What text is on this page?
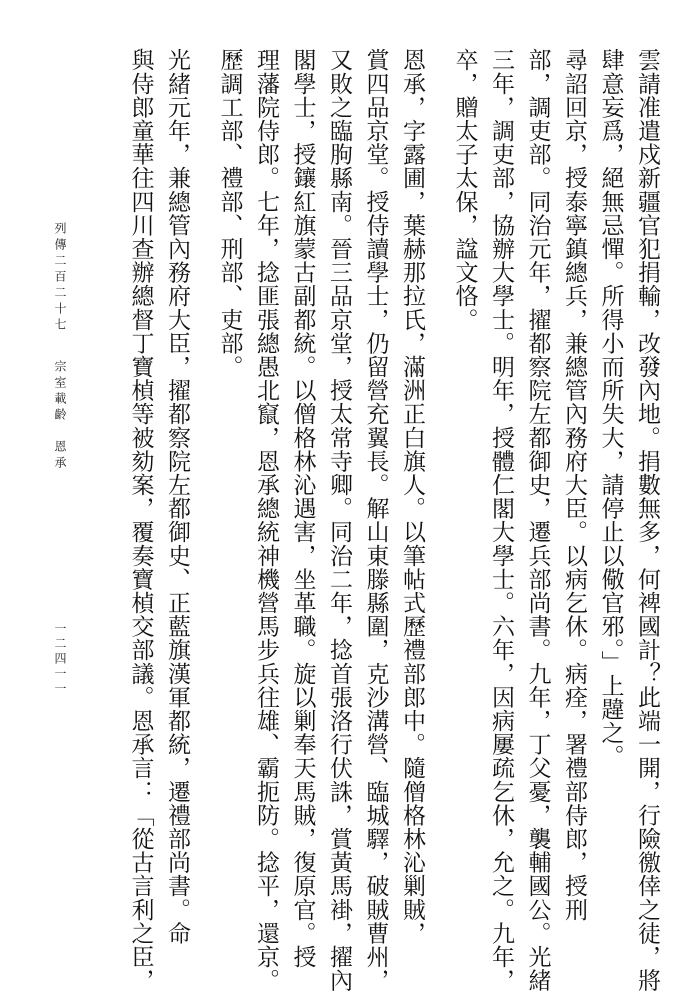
雲請准遣戍新疆官犯捐輸，改發內地。捐數無多，何裨國計？此端一開，行險徼倖之徒，將
肆意妄爲，絕無忌憚。所得小而所失大，請停止以儆官邪。」上韙之。
尋詔回京，授泰寧鎮總兵，兼總管內務府大臣。以病乞休。病痊，署禮部侍郎，授刑
部，調吏部。同治元年，擢都察院左都御史，遷兵部尚書。九年，丁父憂，襲輔國公。光緒
三年，調吏部，協辦大學士。明年，授體仁閣大學士。六年，因病屢疏乞休，允之。九年，
卒，贈太子太保，諡文恪。
恩承，字露圃，葉赫那拉氏，滿洲正白旗人。以筆帖式歷禮部郎中。隨僧格林沁剿賊，
賞四品京堂。授侍讀學士，仍留營充翼長。解山東滕縣圍，克沙溝營、臨城驛，破賊曹州，
又敗之臨朐縣南。晉三品京堂，授太常寺卿。同治二年，捻首張洛行伏誅，賞黃馬褂，擢內
閣學士，授鑲紅旗蒙古副都統。以僧格林沁遇害，坐革職。旋以剿奉天馬賊，復原官。授
理藩院侍郎。七年，捻匪張總愚北竄，恩承總統神機營馬步兵往雄、霸扼防。捻平，還京。
歷調工部、禮部、刑部、吏部。
光緒元年，兼總管內務府大臣，擢都察院左都御史、正藍旗漢軍都統，遷禮部尚書。命
與侍郎童華往四川查辦總督丁寶楨等被劾案，覆奏寶楨交部議。恩承言：「從古言利之臣，
列傳二百二十七宗室載齡　恩承
一二四一一
